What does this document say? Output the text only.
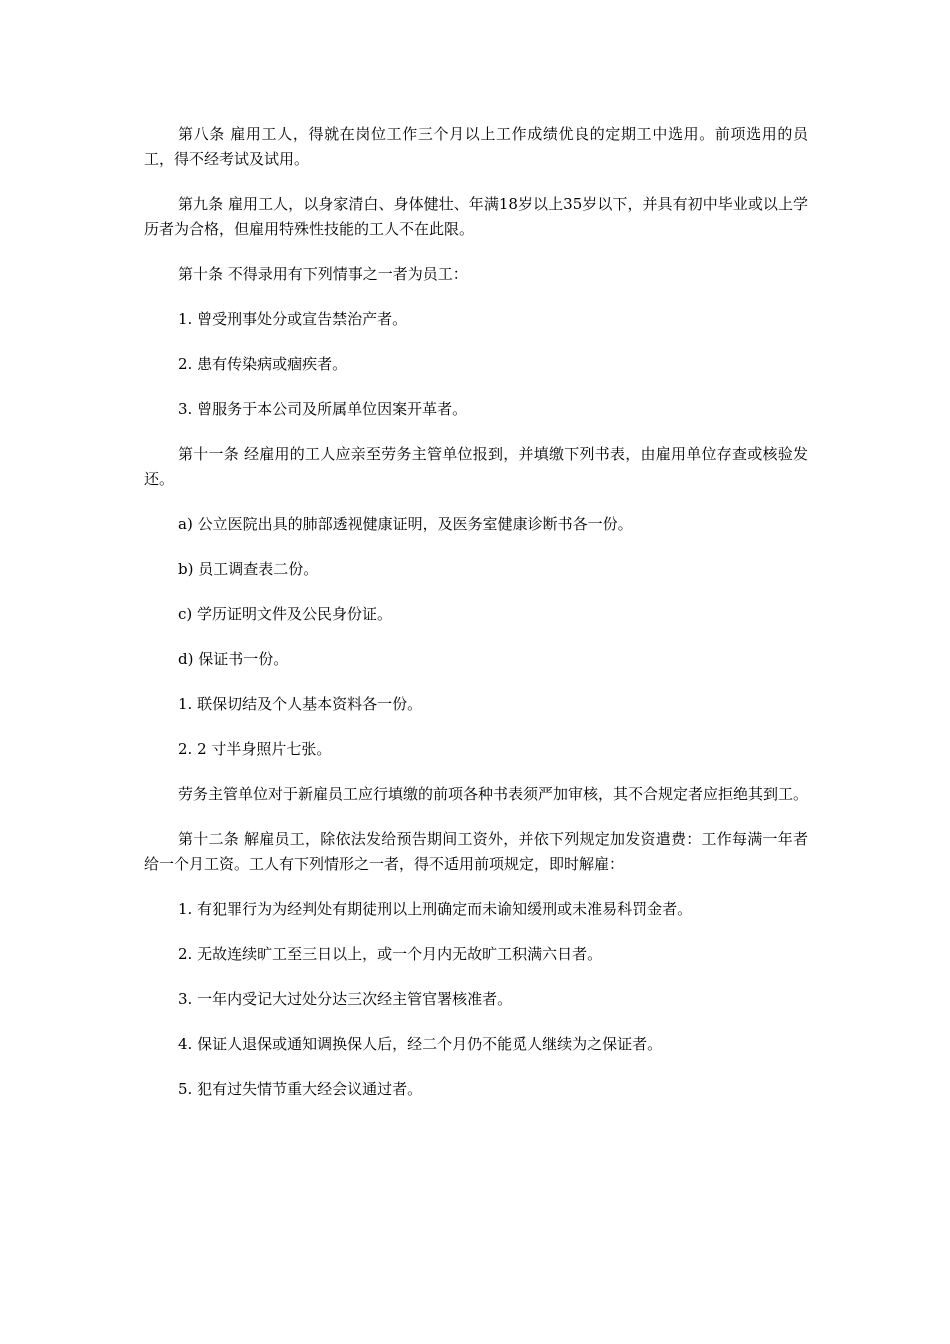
第八条 雇用工人，得就在岗位工作三个月以上工作成绩优良的定期工中选用。前项选用的员工，得不经考试及试用。

第九条 雇用工人，以身家清白、身体健壮、年满18岁以上35岁以下，并具有初中毕业或以上学历者为合格，但雇用特殊性技能的工人不在此限。

第十条 不得录用有下列情事之一者为员工：

1. 曾受刑事处分或宣告禁治产者。

2. 患有传染病或痼疾者。

3. 曾服务于本公司及所属单位因案开革者。

第十一条 经雇用的工人应亲至劳务主管单位报到，并填缴下列书表，由雇用单位存查或核验发还。

a) 公立医院出具的肺部透视健康证明，及医务室健康诊断书各一份。

b) 员工调查表二份。

c) 学历证明文件及公民身份证。

d) 保证书一份。

1. 联保切结及个人基本资料各一份。

2. 2 寸半身照片七张。

劳务主管单位对于新雇员工应行填缴的前项各种书表须严加审核，其不合规定者应拒绝其到工。

第十二条 解雇员工，除依法发给预告期间工资外，并依下列规定加发资遣费：工作每满一年者给一个月工资。工人有下列情形之一者，得不适用前项规定，即时解雇：

1. 有犯罪行为为经判处有期徒刑以上刑确定而未谕知缓刑或未准易科罚金者。

2. 无故连续旷工至三日以上，或一个月内无故旷工积满六日者。

3. 一年内受记大过处分达三次经主管官署核准者。

4. 保证人退保或通知调换保人后，经二个月仍不能觅人继续为之保证者。

5. 犯有过失情节重大经会议通过者。
